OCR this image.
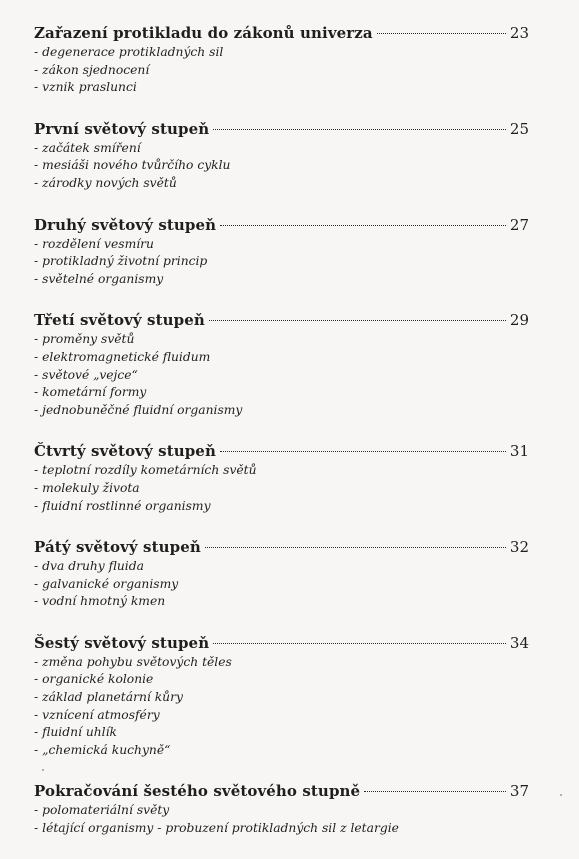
Zařazení protikladu do zákonů univerza	23
- degenerace protikladných sil
- zákon sjednocení
- vznik praslunci
První světový stupeň	25
- začátek smíření
- mesiáši nového tvůrčího cyklu
- zárodky nových světů
Druhý světový stupeň	27
- rozdělení vesmíru
- protikladný životní princip
- světelné organismy
Třetí světový stupeň	29
- proměny světů
- elektromagnetické fluidum
- světové „vejce“
- kometární formy
- jednobuněčné fluidní organismy
Čtvrtý světový stupeň	31
- teplotní rozdíly kometárních světů
- molekuly života
- fluidní rostlinné organismy
Pátý světový stupeň	32
- dva druhy fluida
- galvanické organismy
- vodní hmotný kmen
Šestý světový stupeň	34
- změna pohybu světových těles
- organické kolonie
- základ planetární kůry
- vznícení atmosféry
- fluidní uhlík
- „chemická kuchyně“
Pokračování šestého světového stupně	37
- polomateriální světy
- létající organismy - probuzení protikladných sil z letargie
